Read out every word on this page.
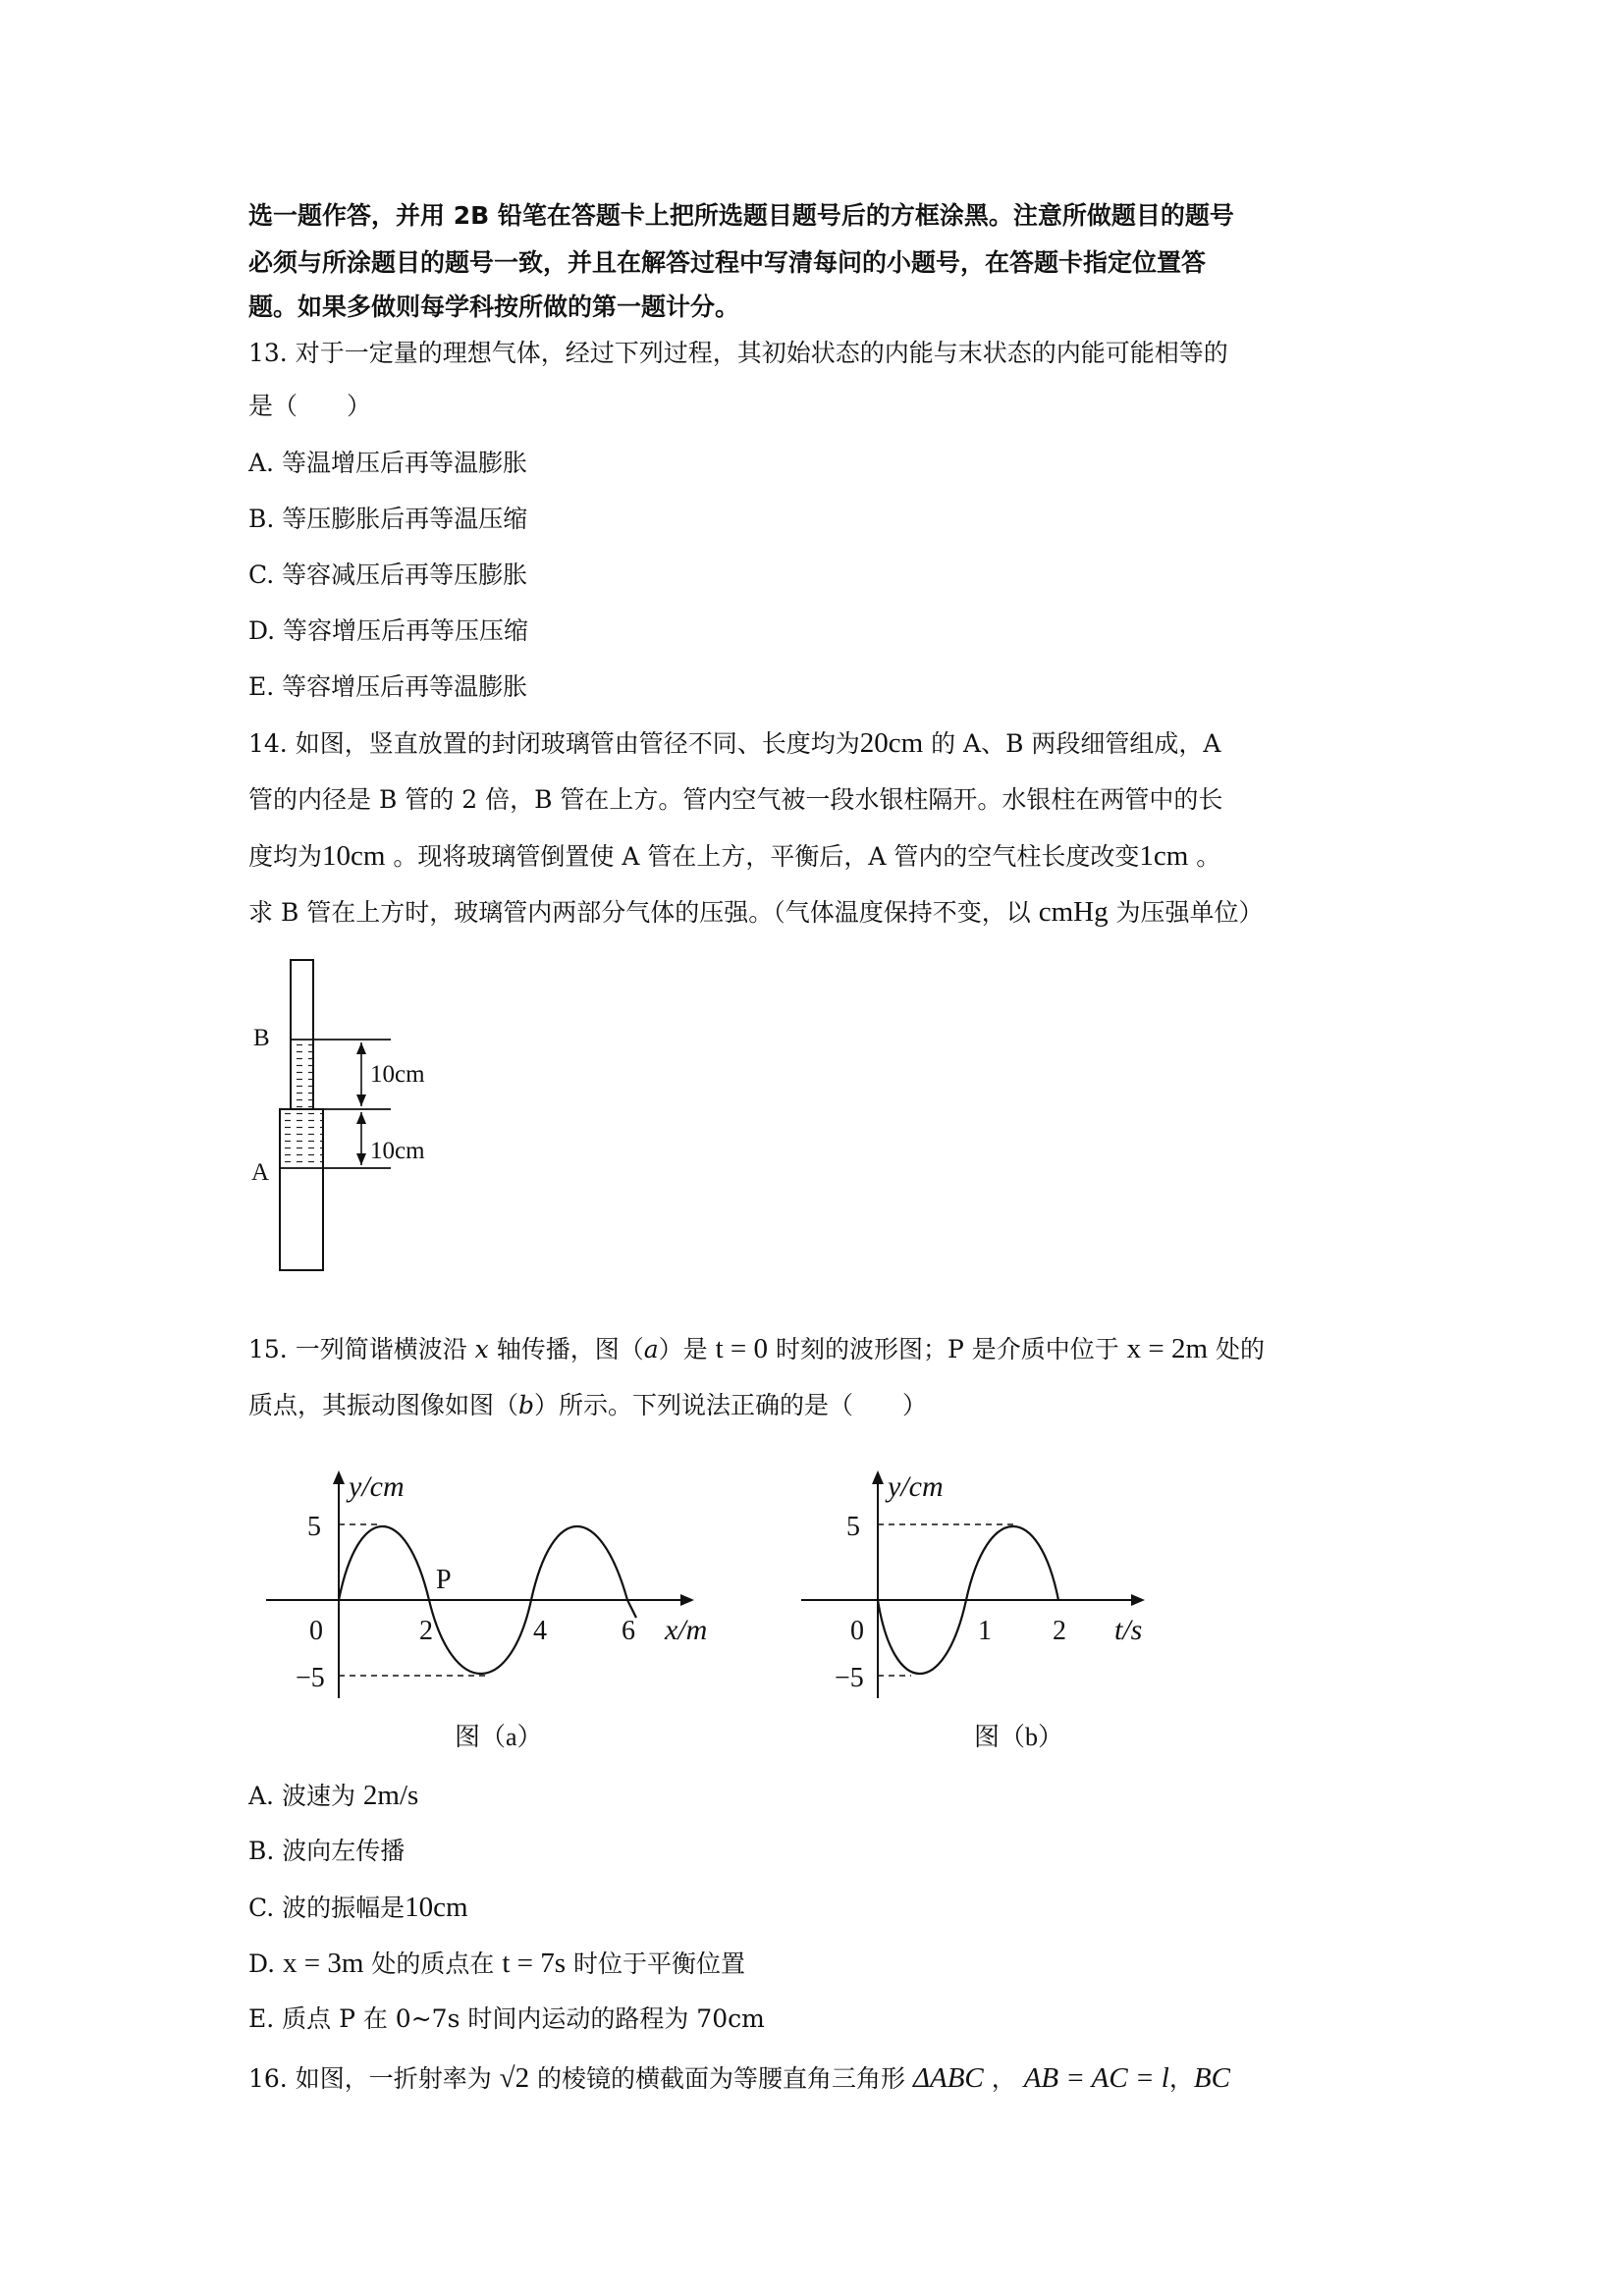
选一题作答，并用 2B 铅笔在答题卡上把所选题目题号后的方框涂黑。注意所做题目的题号
必须与所涂题目的题号一致，并且在解答过程中写清每问的小题号，在答题卡指定位置答
题。如果多做则每学科按所做的第一题计分。
13. 对于一定量的理想气体，经过下列过程，其初始状态的内能与末状态的内能可能相等的
是（　　）
A. 等温增压后再等温膨胀
B. 等压膨胀后再等温压缩
C. 等容减压后再等压膨胀
D. 等容增压后再等压压缩
E. 等容增压后再等温膨胀
14. 如图，竖直放置的封闭玻璃管由管径不同、长度均为20cm 的 A、B 两段细管组成，A
管的内径是 B 管的 2 倍，B 管在上方。管内空气被一段水银柱隔开。水银柱在两管中的长
度均为10cm 。现将玻璃管倒置使 A 管在上方，平衡后，A 管内的空气柱长度改变1cm 。
求 B 管在上方时，玻璃管内两部分气体的压强。（气体温度保持不变，以 cmHg 为压强单位）
B
A
10cm
10cm
15. 一列简谐横波沿 x 轴传播，图（a）是 t = 0 时刻的波形图；P 是介质中位于 x = 2m 处的
质点，其振动图像如图（b）所示。下列说法正确的是（　　）
y/cm
5
−5
0	2	4	6 x/m
P
图（a）
y/cm
5
−5
0	1 2 t/s
图（b）
A. 波速为 2m/s
B. 波向左传播
C. 波的振幅是10cm
D. x = 3m 处的质点在 t = 7s 时位于平衡位置
E. 质点 P 在 0~7s 时间内运动的路程为 70cm
16. 如图，一折射率为 √2 的棱镜的横截面为等腰直角三角形 ΔABC ， AB = AC = l，BC
